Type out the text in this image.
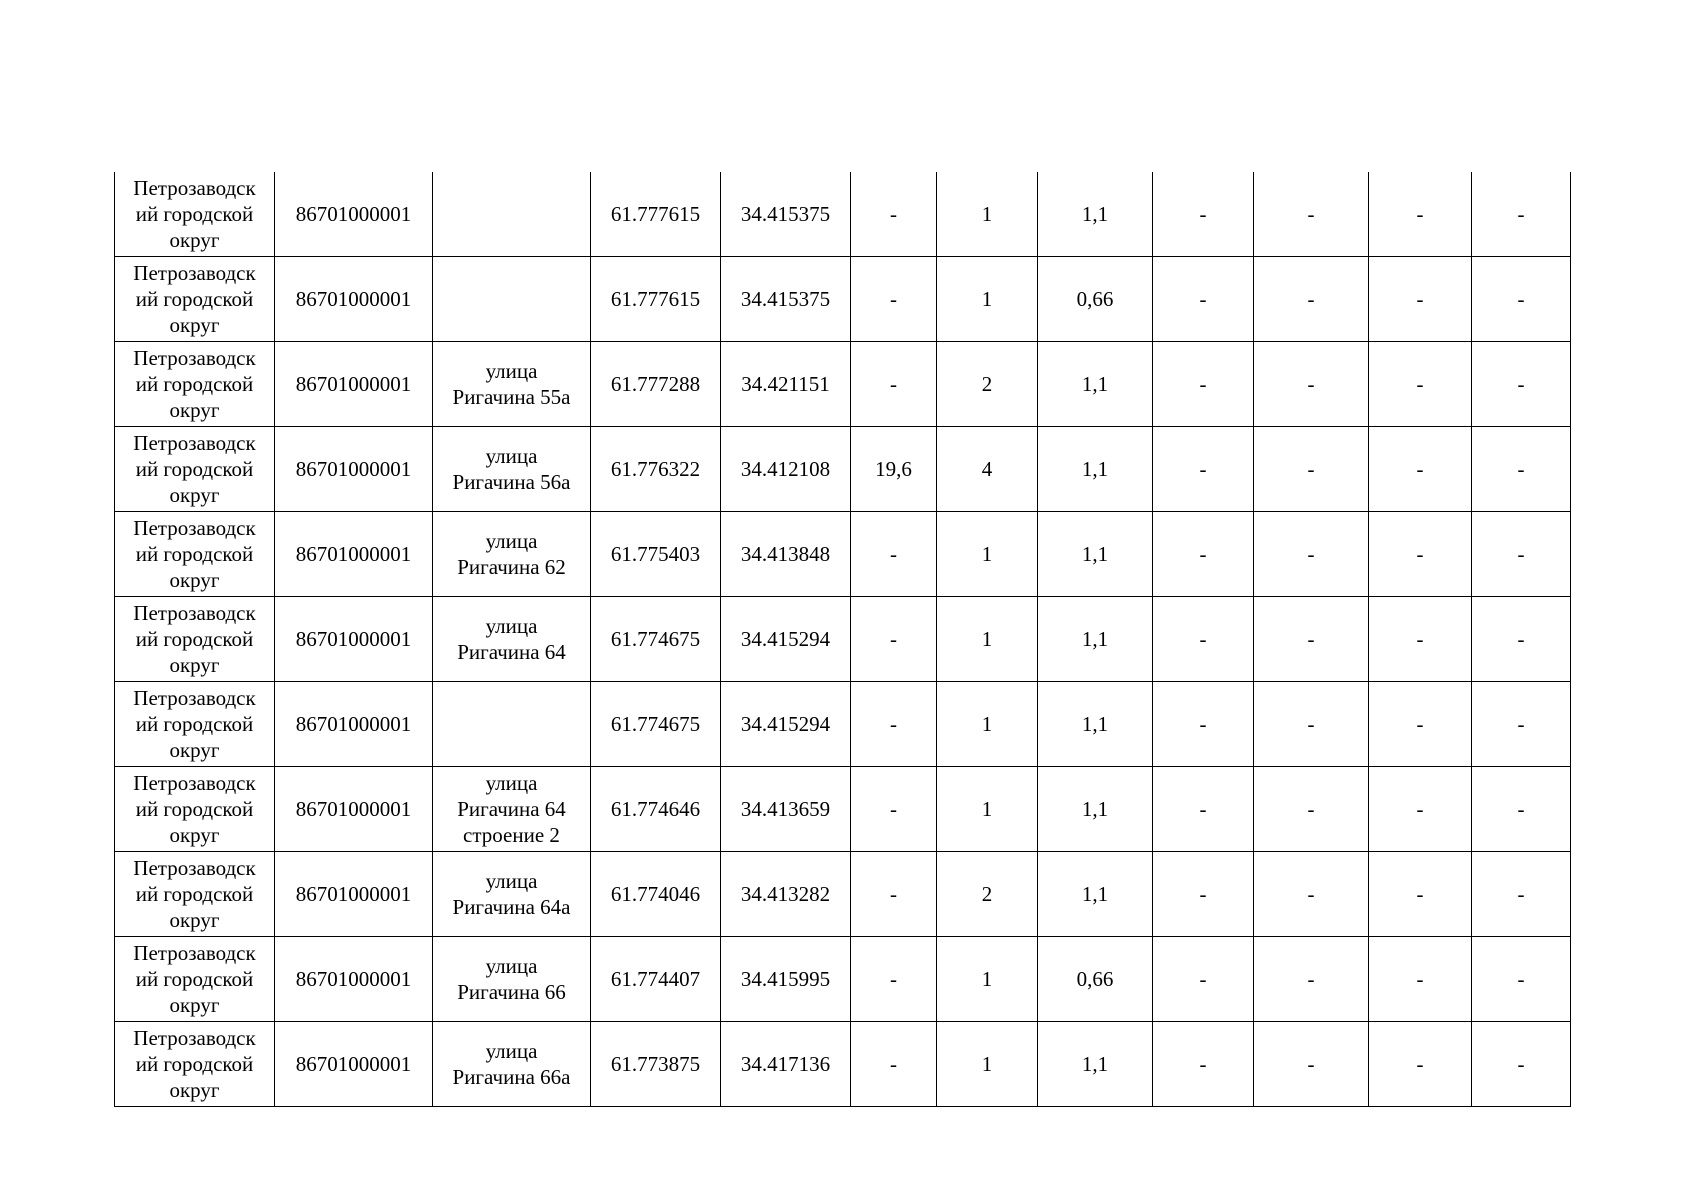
Петрозаводск
ий городской
округ	86701000001		61.777615	34.415375	-	1	1,1	-	-	-	-
Петрозаводск
ий городской
округ	86701000001		61.777615	34.415375	-	1	0,66	-	-	-	-
Петрозаводск
ий городской
округ	86701000001	улица
Ригачина 55а	61.777288	34.421151	-	2	1,1	-	-	-	-
Петрозаводск
ий городской
округ	86701000001	улица
Ригачина 56а	61.776322	34.412108	19,6	4	1,1	-	-	-	-
Петрозаводск
ий городской
округ	86701000001	улица
Ригачина 62	61.775403	34.413848	-	1	1,1	-	-	-	-
Петрозаводск
ий городской
округ	86701000001	улица
Ригачина 64	61.774675	34.415294	-	1	1,1	-	-	-	-
Петрозаводск
ий городской
округ	86701000001		61.774675	34.415294	-	1	1,1	-	-	-	-
Петрозаводск
ий городской
округ	86701000001	улица
Ригачина 64
строение 2	61.774646	34.413659	-	1	1,1	-	-	-	-
Петрозаводск
ий городской
округ	86701000001	улица
Ригачина 64а	61.774046	34.413282	-	2	1,1	-	-	-	-
Петрозаводск
ий городской
округ	86701000001	улица
Ригачина 66	61.774407	34.415995	-	1	0,66	-	-	-	-
Петрозаводск
ий городской
округ	86701000001	улица
Ригачина 66а	61.773875	34.417136	-	1	1,1	-	-	-	-
